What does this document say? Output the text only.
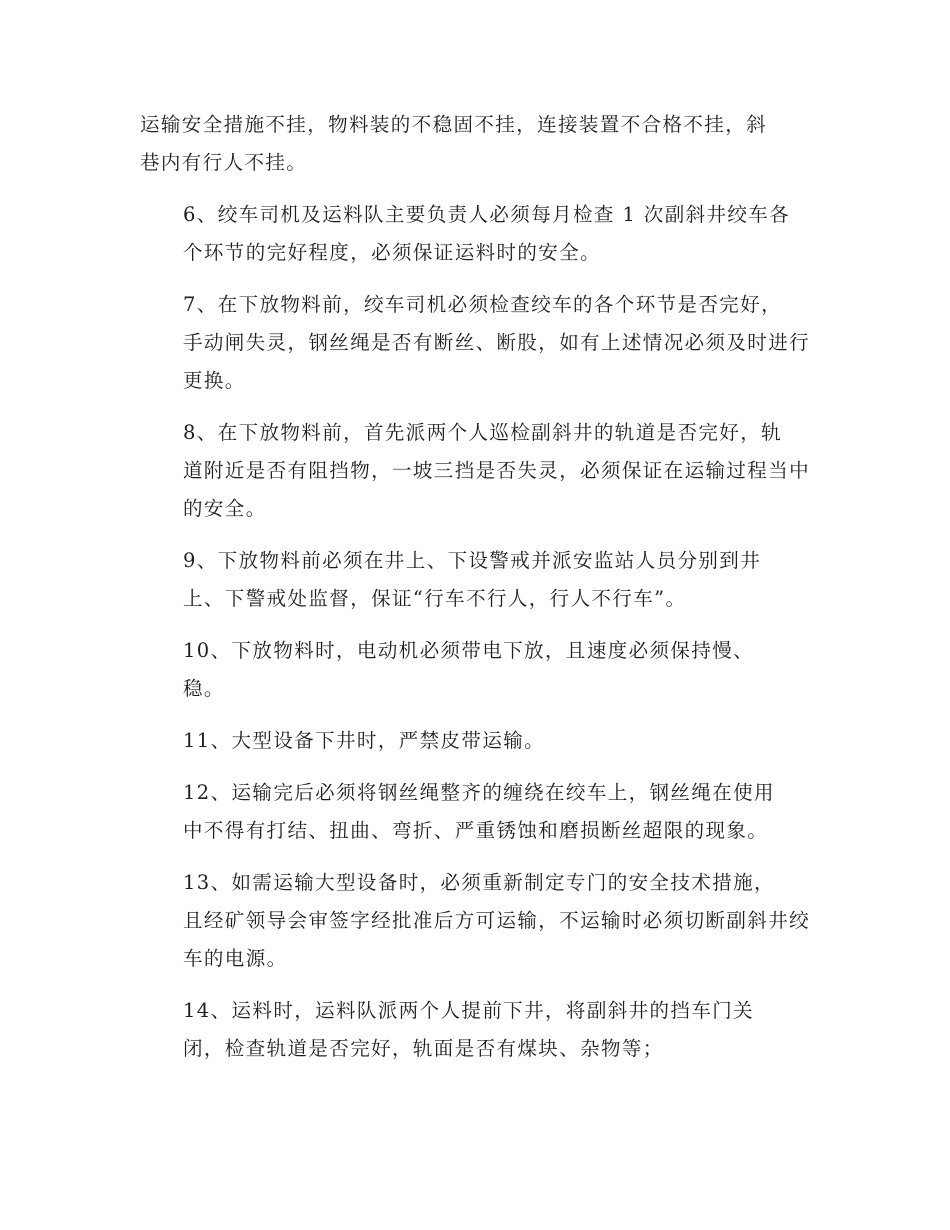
运输安全措施不挂，物料装的不稳固不挂，连接装置不合格不挂，斜
巷内有行人不挂。

6、绞车司机及运料队主要负责人必须每月检查 1 次副斜井绞车各
个环节的完好程度，必须保证运料时的安全。

7、在下放物料前，绞车司机必须检查绞车的各个环节是否完好，
手动闸失灵，钢丝绳是否有断丝、断股，如有上述情况必须及时进行
更换。

8、在下放物料前，首先派两个人巡检副斜井的轨道是否完好，轨
道附近是否有阻挡物，一坡三挡是否失灵，必须保证在运输过程当中
的安全。

9、下放物料前必须在井上、下设警戒并派安监站人员分别到井
上、下警戒处监督，保证“行车不行人，行人不行车”。

10、下放物料时，电动机必须带电下放，且速度必须保持慢、
稳。

11、大型设备下井时，严禁皮带运输。

12、运输完后必须将钢丝绳整齐的缠绕在绞车上，钢丝绳在使用
中不得有打结、扭曲、弯折、严重锈蚀和磨损断丝超限的现象。

13、如需运输大型设备时，必须重新制定专门的安全技术措施，
且经矿领导会审签字经批准后方可运输，不运输时必须切断副斜井绞
车的电源。

14、运料时，运料队派两个人提前下井，将副斜井的挡车门关
闭，检查轨道是否完好，轨面是否有煤块、杂物等；
